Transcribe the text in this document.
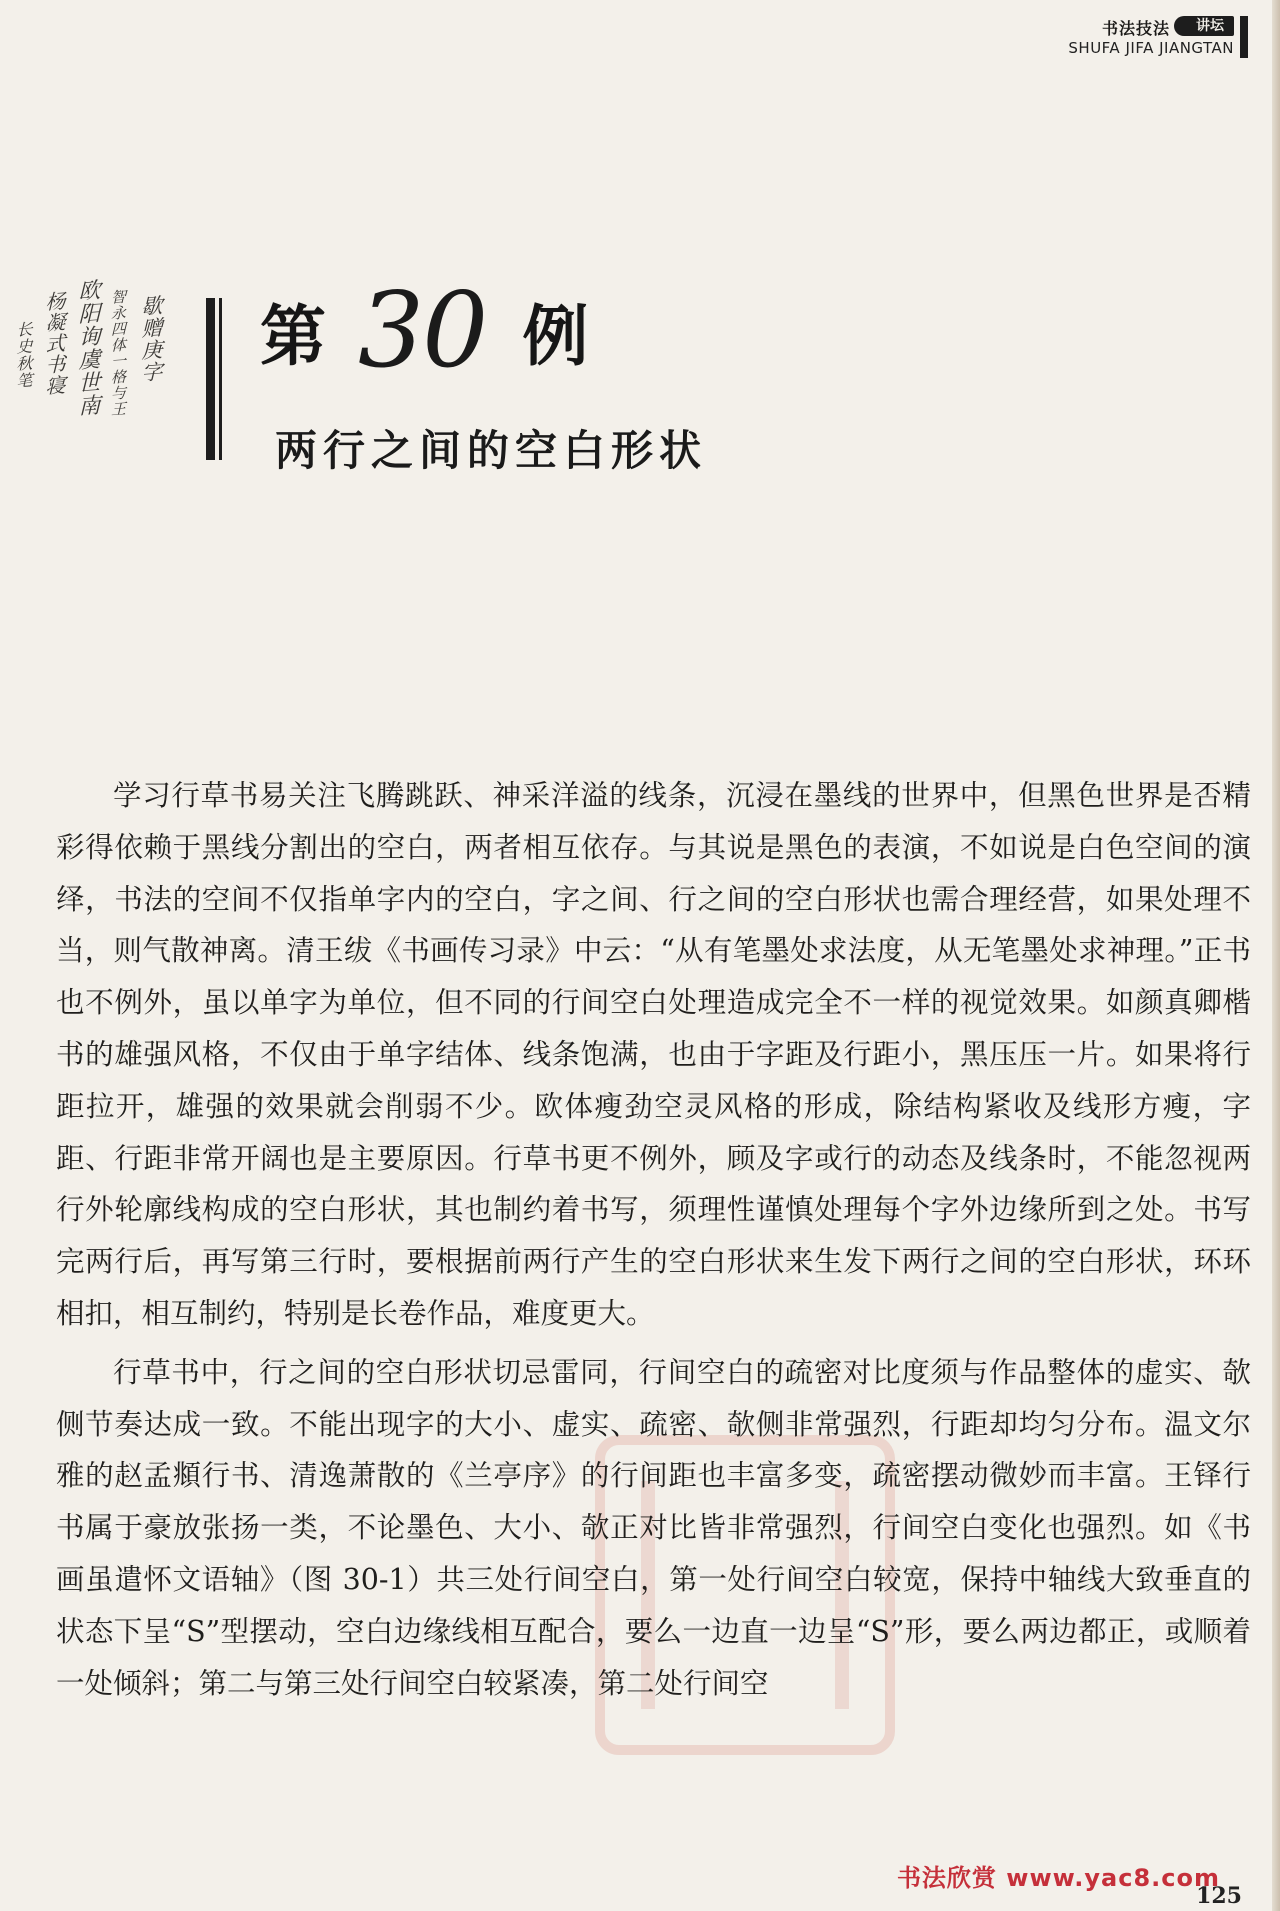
书法技法	讲坛
SHUFA JIFA JIANGTAN
歇赠庚字
智永四体一格与王
欧阳询虞世南
杨凝式书寝
长史秋笔	第 30 例
两行之间的空白形状

学习行草书易关注飞腾跳跃、神采洋溢的线条，沉浸在墨线的世界中，但黑色世界是否精彩得依赖于黑线分割出的空白，两者相互依存。与其说是黑色的表演，不如说是白色空间的演绎，书法的空间不仅指单字内的空白，字之间、行之间的空白形状也需合理经营，如果处理不当，则气散神离。清王绂《书画传习录》中云：“从有笔墨处求法度，从无笔墨处求神理。”正书也不例外，虽以单字为单位，但不同的行间空白处理造成完全不一样的视觉效果。如颜真卿楷书的雄强风格，不仅由于单字结体、线条饱满，也由于字距及行距小，黑压压一片。如果将行距拉开，雄强的效果就会削弱不少。欧体瘦劲空灵风格的形成，除结构紧收及线形方瘦，字距、行距非常开阔也是主要原因。行草书更不例外，顾及字或行的动态及线条时，不能忽视两行外轮廓线构成的空白形状，其也制约着书写，须理性谨慎处理每个字外边缘所到之处。书写完两行后，再写第三行时，要根据前两行产生的空白形状来生发下两行之间的空白形状，环环相扣，相互制约，特别是长卷作品，难度更大。

行草书中，行之间的空白形状切忌雷同，行间空白的疏密对比度须与作品整体的虚实、欹侧节奏达成一致。不能出现字的大小、虚实、疏密、欹侧非常强烈，行距却均匀分布。温文尔雅的赵孟頫行书、清逸萧散的《兰亭序》的行间距也丰富多变，疏密摆动微妙而丰富。王铎行书属于豪放张扬一类，不论墨色、大小、欹正对比皆非常强烈，行间空白变化也强烈。如《书画虽遣怀文语轴》（图 30-1）共三处行间空白，第一处行间空白较宽，保持中轴线大致垂直的状态下呈“S”型摆动，空白边缘线相互配合，要么一边直一边呈“S”形，要么两边都正，或顺着一处倾斜；第二与第三处行间空白较紧凑，第二处行间空

书法欣赏 www.yac8.com
125
